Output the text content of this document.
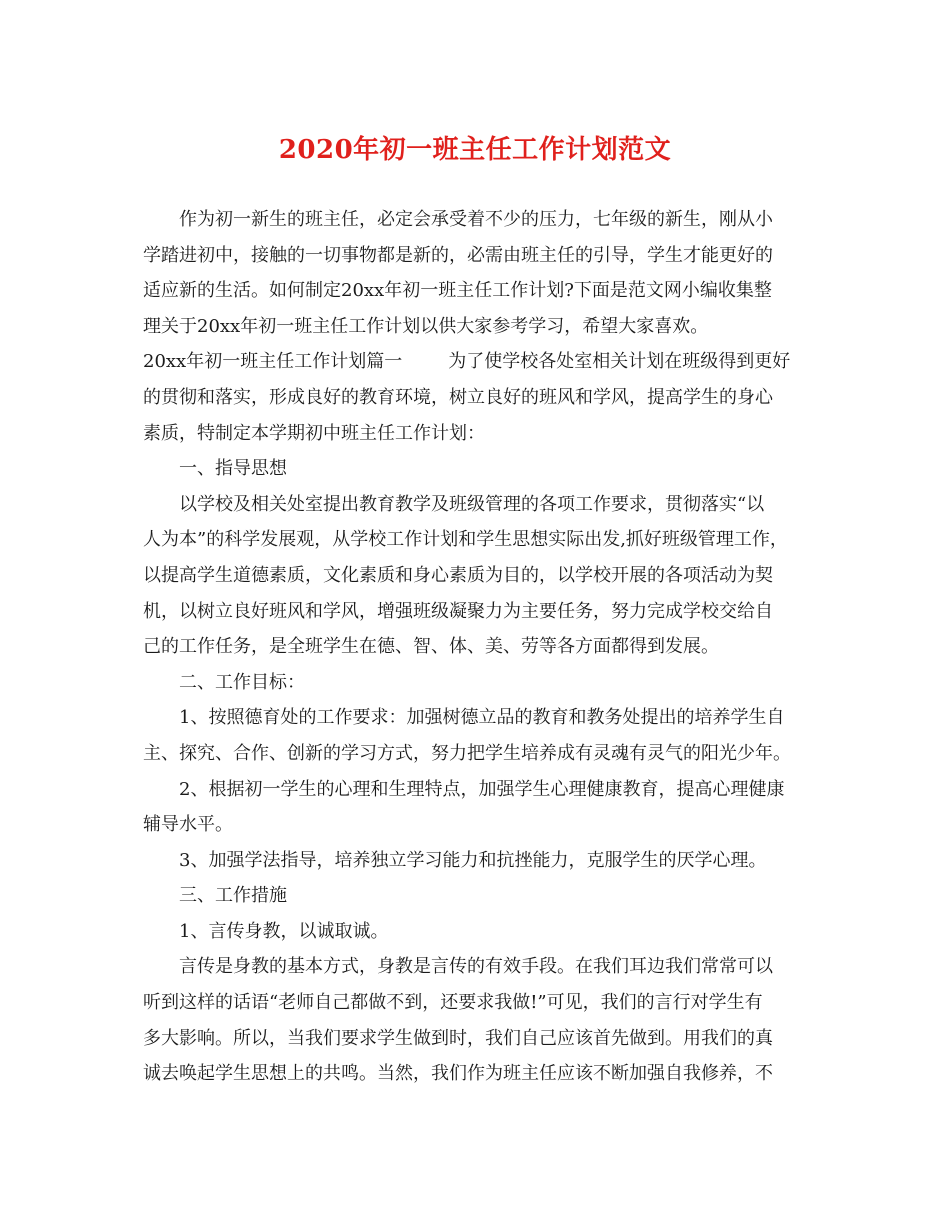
2020年初一班主任工作计划范文
作为初一新生的班主任，必定会承受着不少的压力，七年级的新生，刚从小
学踏进初中，接触的一切事物都是新的，必需由班主任的引导，学生才能更好的
适应新的生活。如何制定20xx年初一班主任工作计划?下面是范文网小编收集整
理关于20xx年初一班主任工作计划以供大家参考学习，希望大家喜欢。
20xx年初一班主任工作计划篇一	为了使学校各处室相关计划在班级得到更好
的贯彻和落实，形成良好的教育环境，树立良好的班风和学风，提高学生的身心
素质，特制定本学期初中班主任工作计划：
一、指导思想
以学校及相关处室提出教育教学及班级管理的各项工作要求，贯彻落实“以
人为本”的科学发展观，从学校工作计划和学生思想实际出发,抓好班级管理工作，
以提高学生道德素质，文化素质和身心素质为目的，以学校开展的各项活动为契
机，以树立良好班风和学风，增强班级凝聚力为主要任务，努力完成学校交给自
己的工作任务，是全班学生在德、智、体、美、劳等各方面都得到发展。
二、工作目标：
1、按照德育处的工作要求：加强树德立品的教育和教务处提出的培养学生自
主、探究、合作、创新的学习方式，努力把学生培养成有灵魂有灵气的阳光少年。
2、根据初一学生的心理和生理特点，加强学生心理健康教育，提高心理健康
辅导水平。
3、加强学法指导，培养独立学习能力和抗挫能力，克服学生的厌学心理。
三、工作措施
1、言传身教，以诚取诚。
言传是身教的基本方式，身教是言传的有效手段。在我们耳边我们常常可以
听到这样的话语“老师自己都做不到，还要求我做!”可见，我们的言行对学生有
多大影响。所以，当我们要求学生做到时，我们自己应该首先做到。用我们的真
诚去唤起学生思想上的共鸣。当然，我们作为班主任应该不断加强自我修养，不
